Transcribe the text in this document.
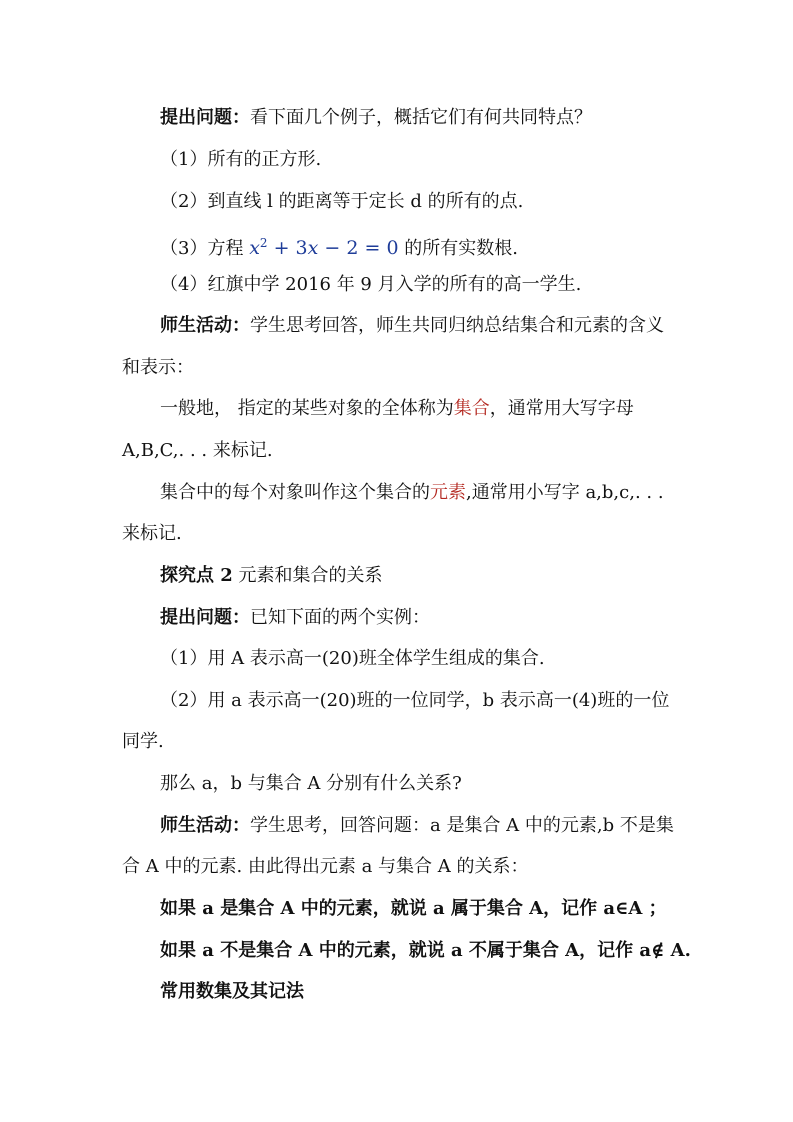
提出问题：看下面几个例子，概括它们有何共同特点？
（1）所有的正方形.
（2）到直线 l 的距离等于定长 d 的所有的点.
（3）方程 $x^2 + 3x - 2 = 0$ 的所有实数根.
（4）红旗中学 2016 年 9 月入学的所有的高一学生.
师生活动：学生思考回答，师生共同归纳总结集合和元素的含义
和表示：
一般地， 指定的某些对象的全体称为集合，通常用大写字母
A,B,C,. . . 来标记.
集合中的每个对象叫作这个集合的元素,通常用小写字 a,b,c,. . .
来标记.
探究点 2 元素和集合的关系
提出问题：已知下面的两个实例：
（1）用 A 表示高一(20)班全体学生组成的集合.
（2）用 a 表示高一(20)班的一位同学，b 表示高一(4)班的一位
同学.
那么 a，b 与集合 A 分别有什么关系?
师生活动：学生思考，回答问题：a 是集合 A 中的元素,b 不是集
合 A 中的元素. 由此得出元素 a 与集合 A 的关系：
如果 a 是集合 A 中的元素，就说 a 属于集合 A，记作 a∈A ；
如果 a 不是集合 A 中的元素，就说 a 不属于集合 A，记作 a∉ A.
常用数集及其记法
